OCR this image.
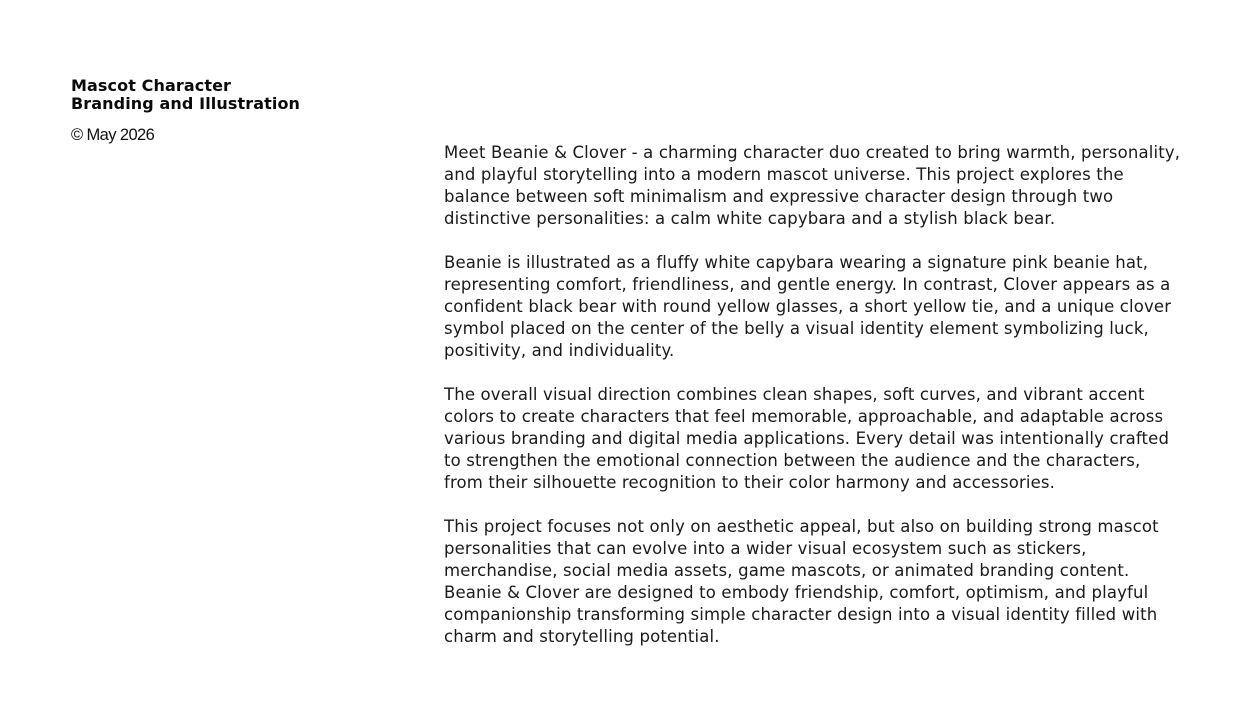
Mascot Character
Branding and Illustration
© May 2026

Meet Beanie & Clover - a charming character duo created to bring warmth, personality, and playful storytelling into a modern mascot universe. This project explores the balance between soft minimalism and expressive character design through two distinctive personalities: a calm white capybara and a stylish black bear.

Beanie is illustrated as a fluffy white capybara wearing a signature pink beanie hat, representing comfort, friendliness, and gentle energy. In contrast, Clover appears as a confident black bear with round yellow glasses, a short yellow tie, and a unique clover symbol placed on the center of the belly a visual identity element symbolizing luck, positivity, and individuality.

The overall visual direction combines clean shapes, soft curves, and vibrant accent colors to create characters that feel memorable, approachable, and adaptable across various branding and digital media applications. Every detail was intentionally crafted to strengthen the emotional connection between the audience and the characters, from their silhouette recognition to their color harmony and accessories.

This project focuses not only on aesthetic appeal, but also on building strong mascot personalities that can evolve into a wider visual ecosystem such as stickers, merchandise, social media assets, game mascots, or animated branding content.

Beanie & Clover are designed to embody friendship, comfort, optimism, and playful companionship transforming simple character design into a visual identity filled with charm and storytelling potential.
